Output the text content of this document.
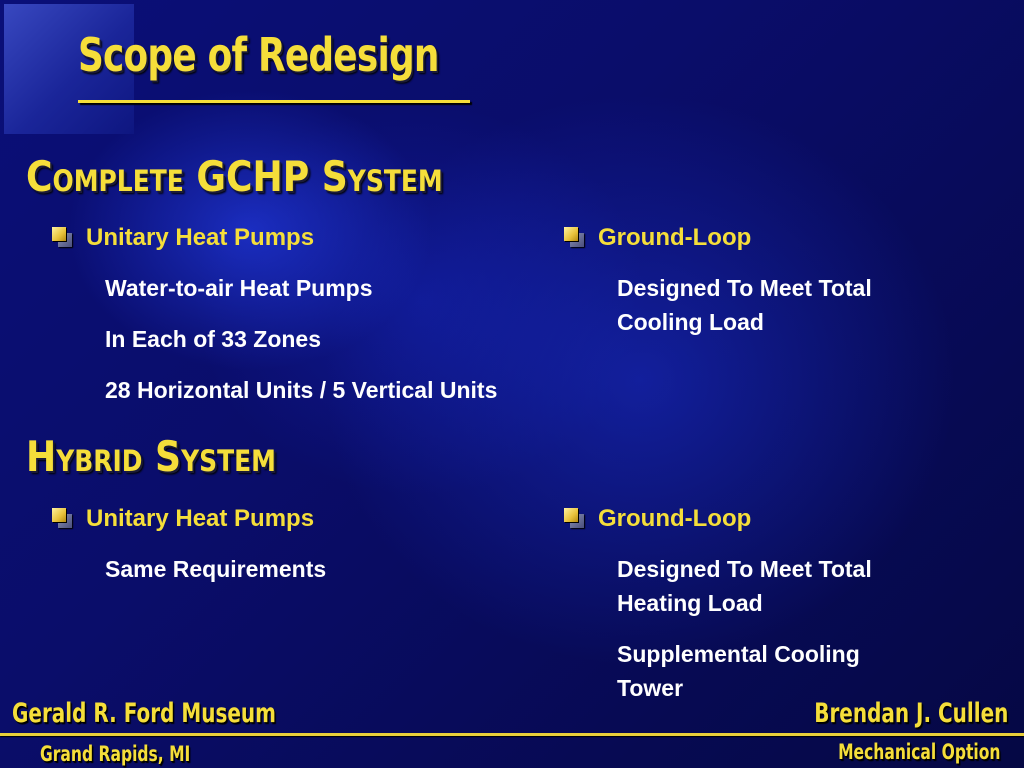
Scope of Redesign
Complete GCHP System
Unitary Heat Pumps
Water-to-air Heat Pumps
In Each of 33 Zones
28 Horizontal Units / 5 Vertical Units
Ground-Loop
Designed To Meet Total
Cooling Load
Hybrid System
Unitary Heat Pumps
Same Requirements
Ground-Loop
Designed To Meet Total
Heating Load
Supplemental Cooling
Tower
Gerald R. Ford Museum	Brendan J. Cullen
Grand Rapids, MI	Mechanical Option
